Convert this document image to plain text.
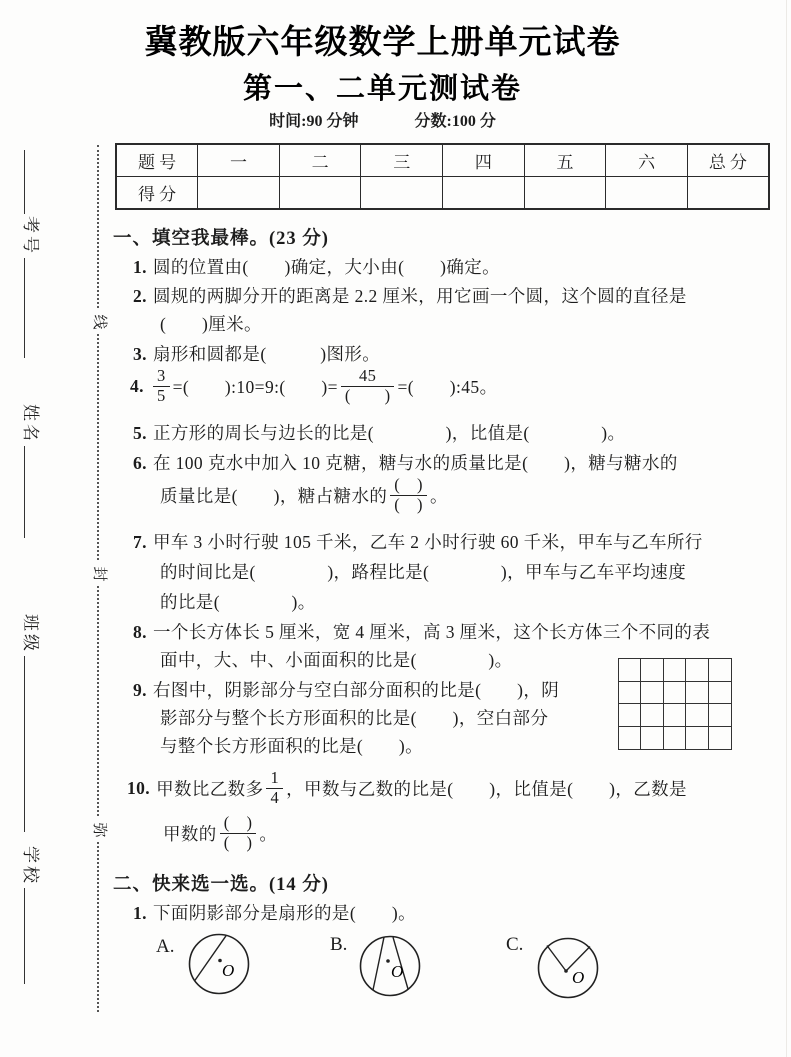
考号
姓名
班级
学校
线
封
弥
冀教版六年级数学上册单元试卷
第一、二单元测试卷
时间:90 分钟	分数:100 分
题 号	一	二	三	四	五	六	总 分
得 分							
一、填空我最棒。(23 分)
1. 圆的位置由(　　)确定，大小由(　　)确定。
2. 圆规的两脚分开的距离是 2.2 厘米，用它画一个圆，这个圆的直径是
(　　)厘米。
3. 扇形和圆都是(　　　)图形。
4. $\frac{3}{5}$ =(　　):10=9:(　　)= $\frac{45}{( )}$ =(　　):45。
5. 正方形的周长与边长的比是(　　　　)，比值是(　　　　)。
6. 在 100 克水中加入 10 克糖，糖与水的质量比是(　　)，糖与糖水的
质量比是(　　)，糖占糖水的 $\frac{( )}{( )}$ 。
7. 甲车 3 小时行驶 105 千米，乙车 2 小时行驶 60 千米，甲车与乙车所行
的时间比是(　　　　)，路程比是(　　　　)，甲车与乙车平均速度
的比是(　　　　)。
8. 一个长方体长 5 厘米，宽 4 厘米，高 3 厘米，这个长方体三个不同的表
面中，大、中、小面面积的比是(　　　　)。
9. 右图中，阴影部分与空白部分面积的比是(　　)，阴
影部分与整个长方形面积的比是(　　)，空白部分
与整个长方形面积的比是(　　)。
10. 甲数比乙数多 $\frac{1}{4}$ ，甲数与乙数的比是(　　)，比值是(　　)，乙数是
甲数的 $\frac{( )}{( )}$ 。
二、快来选一选。(14 分)
1. 下面阴影部分是扇形的是(　　)。
A.
O
B.
O
C.
O
